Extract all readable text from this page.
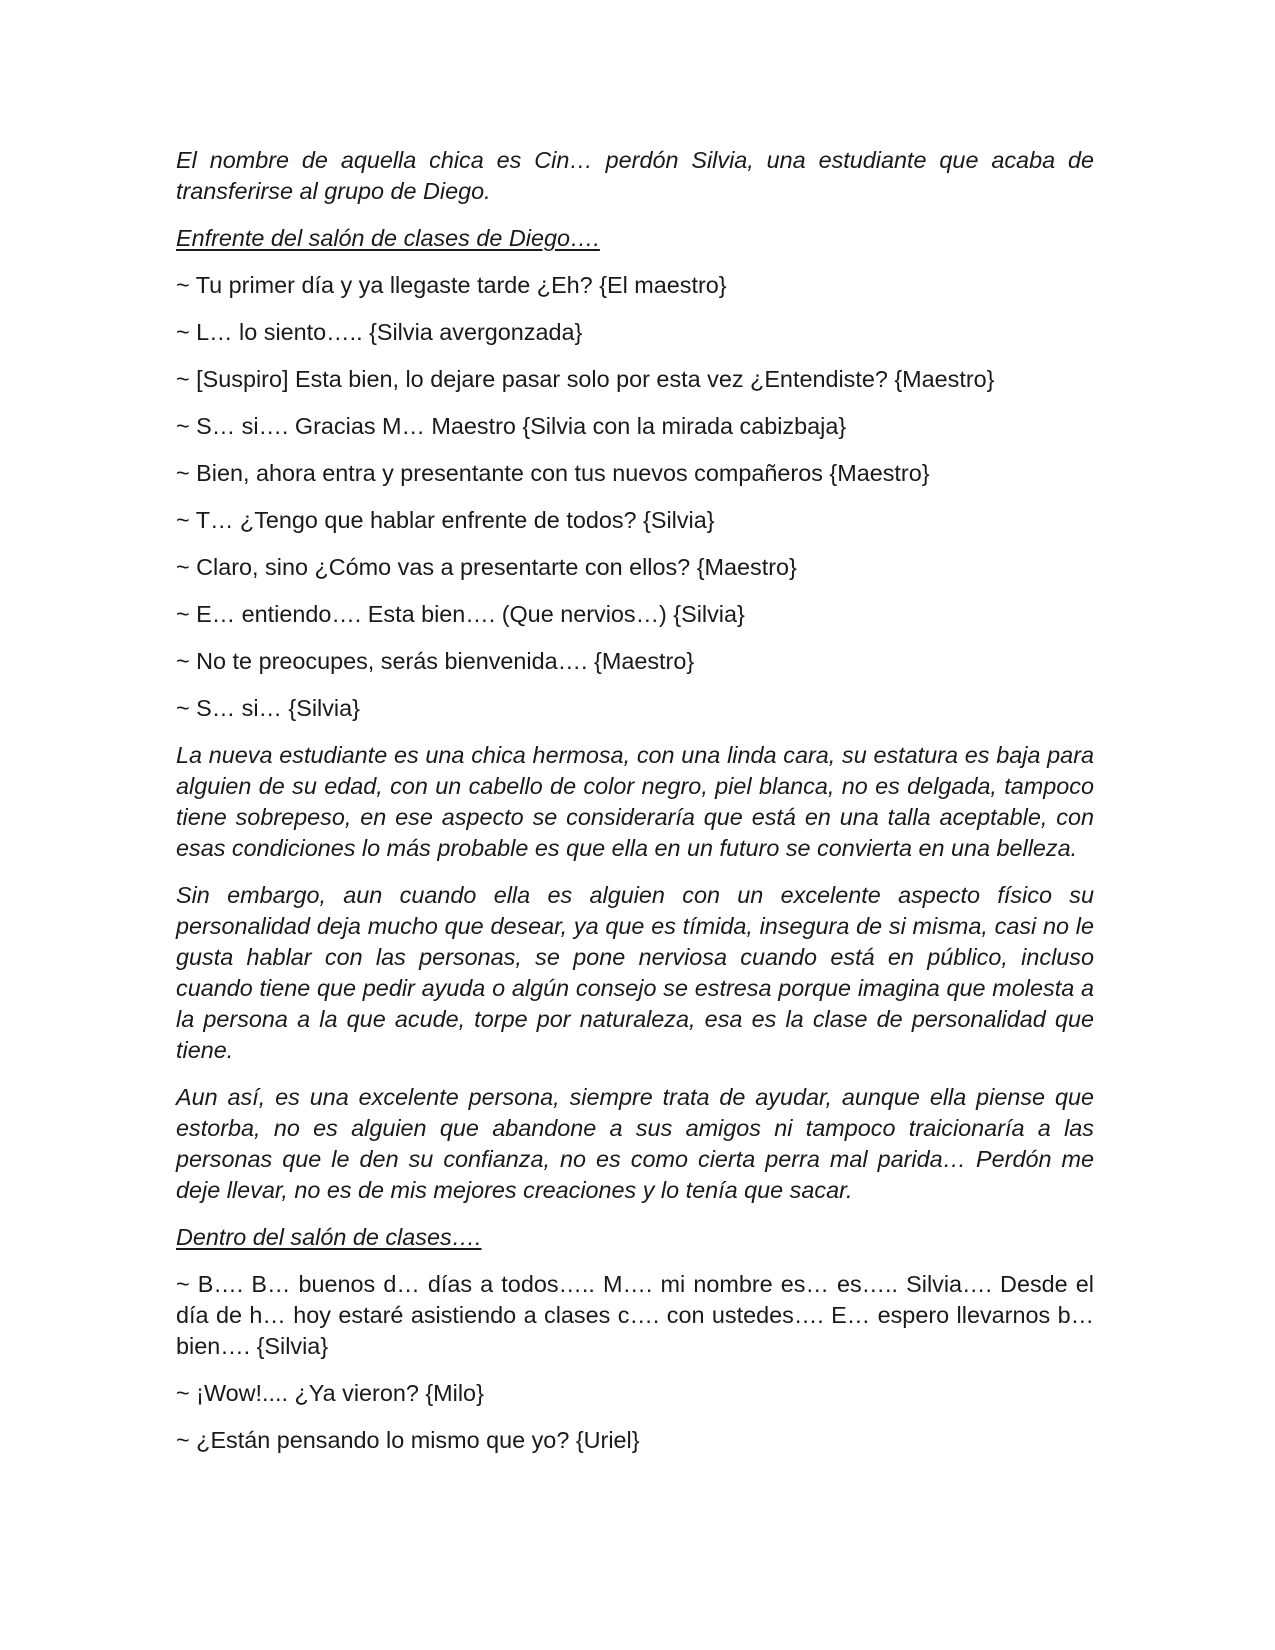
El nombre de aquella chica es Cin… perdón Silvia, una estudiante que acaba de transferirse al grupo de Diego.

Enfrente del salón de clases de Diego….

~ Tu primer día y ya llegaste tarde ¿Eh? {El maestro}

~ L… lo siento….. {Silvia avergonzada}

~ [Suspiro] Esta bien, lo dejare pasar solo por esta vez ¿Entendiste? {Maestro}

~ S… si…. Gracias M… Maestro {Silvia con la mirada cabizbaja}

~ Bien, ahora entra y presentante con tus nuevos compañeros {Maestro}

~ T… ¿Tengo que hablar enfrente de todos? {Silvia}

~ Claro, sino ¿Cómo vas a presentarte con ellos? {Maestro}

~ E… entiendo…. Esta bien…. (Que nervios…) {Silvia}

~ No te preocupes, serás bienvenida…. {Maestro}

~ S… si… {Silvia}

La nueva estudiante es una chica hermosa, con una linda cara, su estatura es baja para alguien de su edad, con un cabello de color negro, piel blanca, no es delgada, tampoco tiene sobrepeso, en ese aspecto se consideraría que está en una talla aceptable, con esas condiciones lo más probable es que ella en un futuro se convierta en una belleza.

Sin embargo, aun cuando ella es alguien con un excelente aspecto físico su personalidad deja mucho que desear, ya que es tímida, insegura de si misma, casi no le gusta hablar con las personas, se pone nerviosa cuando está en público, incluso cuando tiene que pedir ayuda o algún consejo se estresa porque imagina que molesta a la persona a la que acude, torpe por naturaleza, esa es la clase de personalidad que tiene.

Aun así, es una excelente persona, siempre trata de ayudar, aunque ella piense que estorba, no es alguien que abandone a sus amigos ni tampoco traicionaría a las personas que le den su confianza, no es como cierta perra mal parida… Perdón me deje llevar, no es de mis mejores creaciones y lo tenía que sacar.

Dentro del salón de clases….

~ B…. B… buenos d… días a todos….. M…. mi nombre es… es….. Silvia…. Desde el día de h… hoy estaré asistiendo a clases c…. con ustedes…. E… espero llevarnos b… bien…. {Silvia}

~ ¡Wow!.... ¿Ya vieron? {Milo}

~ ¿Están pensando lo mismo que yo? {Uriel}
